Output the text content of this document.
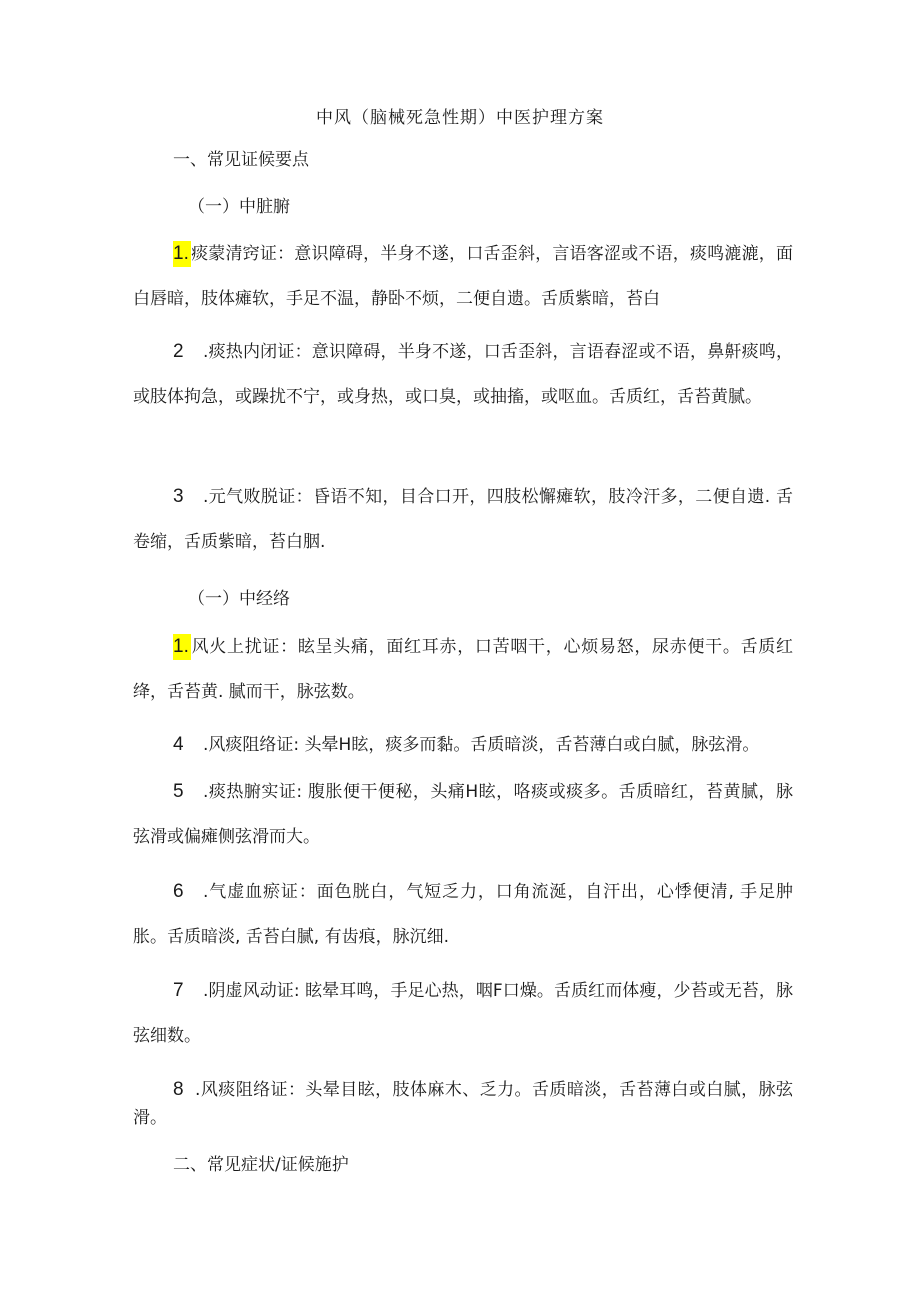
中风（脑械死急性期）中医护理方案
一、常见证候要点
（一）中脏腑
1. 痰蒙清窍证：意识障碍，半身不遂，口舌歪斜，言语客涩或不语，痰鸣漉漉，面白唇暗，肢体瘫软，手足不温，静卧不烦，二便自遗。舌质紫暗，苔白
2 .痰热内闭证：意识障碍，半身不遂，口舌歪斜，言语舂涩或不语，鼻鼾痰鸣，或肢体拘急，或躁扰不宁，或身热，或口臭，或抽搐，或呕血。舌质红，舌苔黄腻。
3 .元气败脱证：昏语不知，目合口开，四肢松懈瘫软，肢冷汗多，二便自遗. 舌卷缩，舌质紫暗，苔白胭.
（一）中经络
1. 风火上扰证：眩呈头痛，面红耳赤，口苦咽干，心烦易怒，尿赤便干。舌质红绛，舌苔黄. 腻而干，脉弦数。
4 .风痰阻络证: 头晕H眩，痰多而黏。舌质暗淡，舌苔薄白或白腻，脉弦滑。
5 .痰热腑实证: 腹胀便干便秘，头痛H眩，咯痰或痰多。舌质暗红，苔黄腻，脉弦滑或偏瘫侧弦滑而大。
6 .气虚血瘀证：面色胱白，气短乏力，口角流涎，自汗出，心悸便清, 手足肿胀。舌质暗淡, 舌苔白腻, 有齿痕，脉沉细.
7 .阴虚风动证: 眩晕耳鸣，手足心热，咽F口燥。舌质红而体瘦，少苔或无苔，脉弦细数。
8 .风痰阻络证：头晕目眩，肢体麻木、乏力。舌质暗淡，舌苔薄白或白腻，脉弦滑。
二、常见症状/证候施护
